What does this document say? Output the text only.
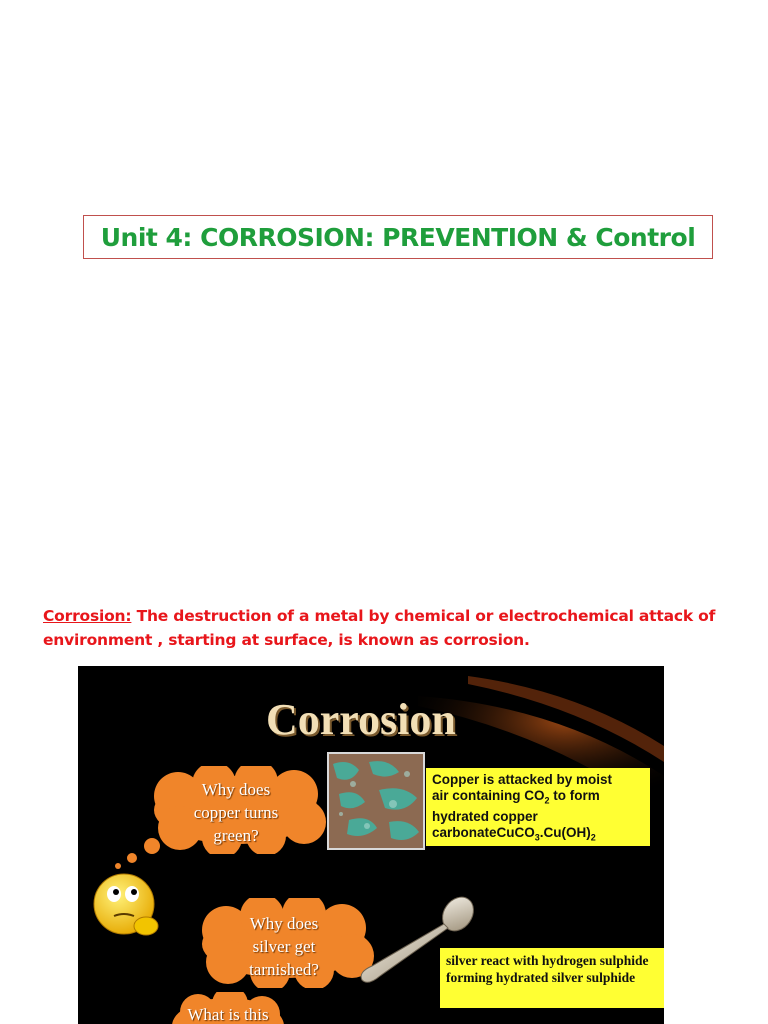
Unit 4: CORROSION: PREVENTION & Control
Corrosion: The destruction of a metal by chemical or electrochemical attack of environment , starting at surface, is known as corrosion.
Corrosion
Why does copper turns green?
Why does silver get tarnished?
What is this
Copper is attacked by moist
air containing $CO_2$ to form
hydrated copper
$carbonateCuCO_3.Cu(OH)_2$
silver react with hydrogen sulphide forming hydrated silver sulphide
